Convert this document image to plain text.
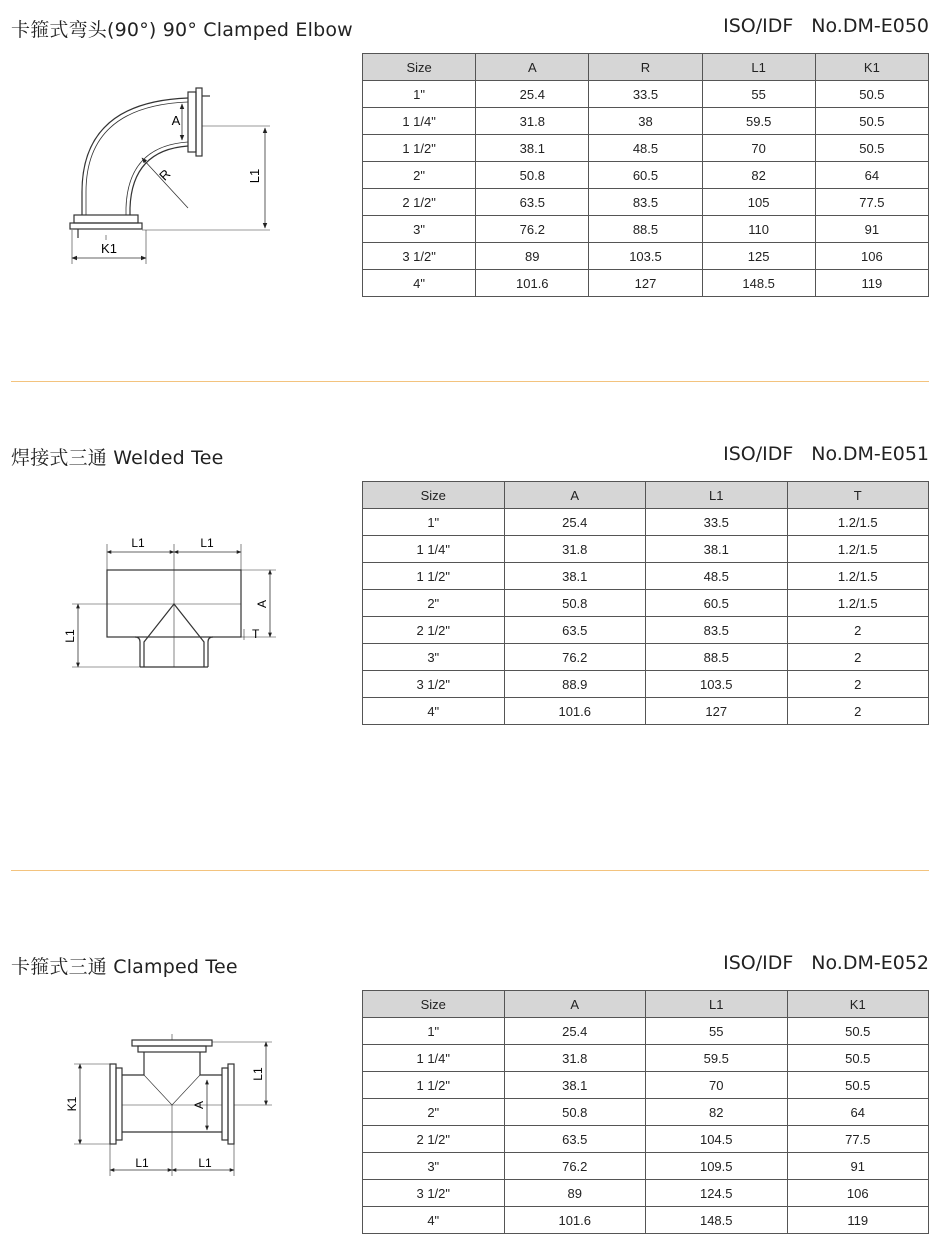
卡箍式弯头(90°) 90° Clamped Elbow	ISO/IDF No.DM-E050
A
R	L1
K1
Size	A	R	L1	K1
1"	25.4	33.5	55	50.5
1 1/4"	31.8	38	59.5	50.5
1 1/2"	38.1	48.5	70	50.5
2"	50.8	60.5	82	64
2 1/2"	63.5	83.5	105	77.5
3"	76.2	88.5	110	91
3 1/2"	89	103.5	125	106
4"	101.6	127	148.5	119
焊接式三通 Welded Tee	ISO/IDF No.DM-E051
L1	L1
A
T
L1
Size	A	L1	T
1"	25.4	33.5	1.2/1.5
1 1/4"	31.8	38.1	1.2/1.5
1 1/2"	38.1	48.5	1.2/1.5
2"	50.8	60.5	1.2/1.5
2 1/2"	63.5	83.5	2
3"	76.2	88.5	2
3 1/2"	88.9	103.5	2
4"	101.6	127	2
卡箍式三通 Clamped Tee	ISO/IDF No.DM-E052
K1	A
L1
L1	L1
Size	A	L1	K1
1"	25.4	55	50.5
1 1/4"	31.8	59.5	50.5
1 1/2"	38.1	70	50.5
2"	50.8	82	64
2 1/2"	63.5	104.5	77.5
3"	76.2	109.5	91
3 1/2"	89	124.5	106
4"	101.6	148.5	119
